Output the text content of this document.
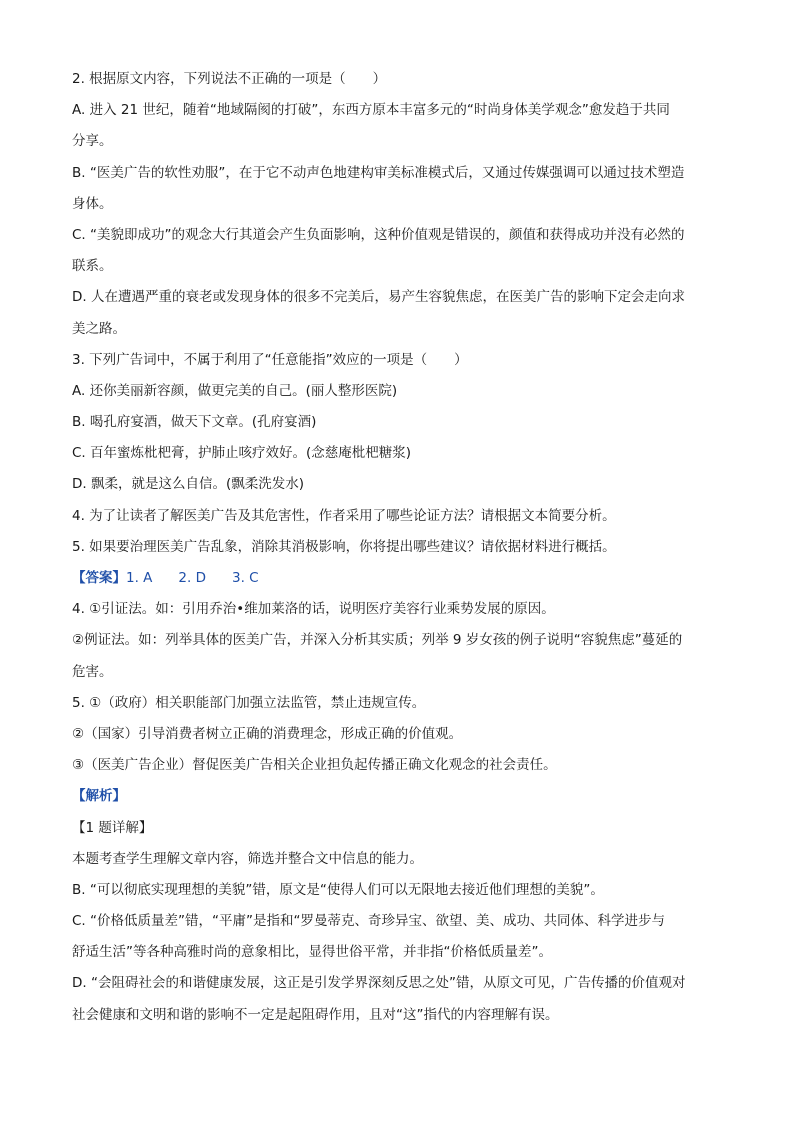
2. 根据原文内容，下列说法不正确的一项是（　　）
A. 进入 21 世纪，随着“地域隔阂的打破”，东西方原本丰富多元的“时尚身体美学观念”愈发趋于共同
分享。
B. “医美广告的软性劝服”，在于它不动声色地建构审美标准模式后，又通过传媒强调可以通过技术塑造
身体。
C. “美貌即成功”的观念大行其道会产生负面影响，这种价值观是错误的，颜值和获得成功并没有必然的
联系。
D. 人在遭遇严重的衰老或发现身体的很多不完美后，易产生容貌焦虑，在医美广告的影响下定会走向求
美之路。
3. 下列广告词中，不属于利用了“任意能指”效应的一项是（　　）
A. 还你美丽新容颜，做更完美的自己。(丽人整形医院)
B. 喝孔府宴酒，做天下文章。(孔府宴酒)
C. 百年蜜炼枇杷膏，护肺止咳疗效好。(念慈庵枇杷糖浆)
D. 飘柔，就是这么自信。(飘柔洗发水)
4. 为了让读者了解医美广告及其危害性，作者采用了哪些论证方法？请根据文本简要分析。
5. 如果要治理医美广告乱象，消除其消极影响，你将提出哪些建议？请依据材料进行概括。
【答案】1. A 2. D 3. C
4. ①引证法。如：引用乔治•维加莱洛的话，说明医疗美容行业乘势发展的原因。
②例证法。如：列举具体的医美广告，并深入分析其实质；列举 9 岁女孩的例子说明“容貌焦虑”蔓延的
危害。
5. ①（政府）相关职能部门加强立法监管，禁止违规宣传。
②（国家）引导消费者树立正确的消费理念，形成正确的价值观。
③（医美广告企业）督促医美广告相关企业担负起传播正确文化观念的社会责任。
【解析】
【1 题详解】
本题考查学生理解文章内容，筛选并整合文中信息的能力。
B. “可以彻底实现理想的美貌”错，原文是“使得人们可以无限地去接近他们理想的美貌”。
C. “价格低质量差”错，“平庸”是指和“罗曼蒂克、奇珍异宝、欲望、美、成功、共同体、科学进步与
舒适生活”等各种高雅时尚的意象相比，显得世俗平常，并非指“价格低质量差”。
D. “会阻碍社会的和谐健康发展，这正是引发学界深刻反思之处”错，从原文可见，广告传播的价值观对
社会健康和文明和谐的影响不一定是起阻碍作用，且对“这”指代的内容理解有误。
